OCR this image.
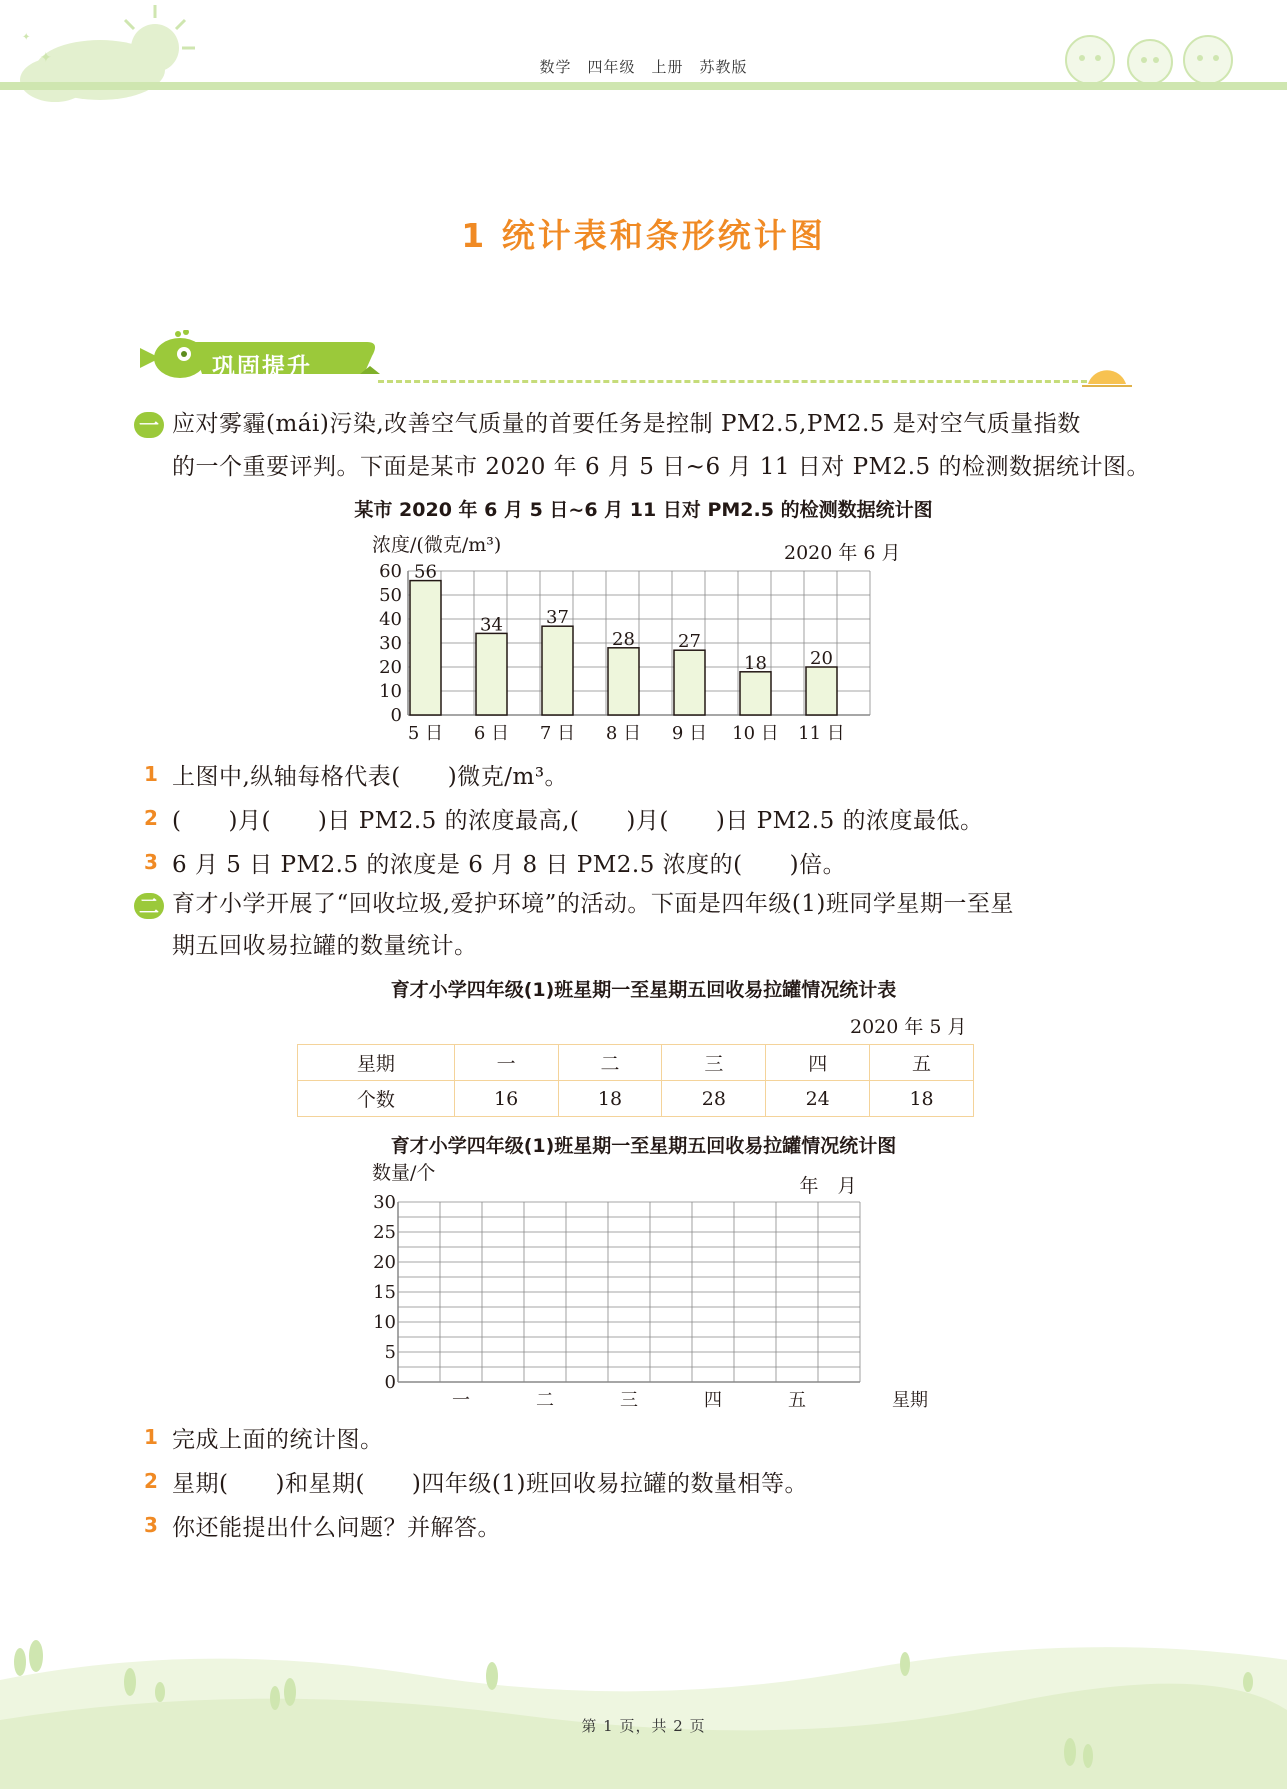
✦
✦
数学　四年级　上册　苏教版
1 统计表和条形统计图
巩固提升
一 应对雾霾(mái)污染,改善空气质量的首要任务是控制 PM2.5,PM2.5 是对空气质量指数
的一个重要评判。下面是某市 2020 年 6 月 5 日~6 月 11 日对 PM2.5 的检测数据统计图。
某市 2020 年 6 月 5 日~6 月 11 日对 PM2.5 的检测数据统计图
0
10
20
30
40
50
60
浓度/(微克/m³)	2020 年 6 月
56
5 日
34
6 日
37
7 日
28
8 日
27
9 日
18
10 日
20
11 日
1 上图中,纵轴每格代表(　　)微克/m³。
2 (　　)月(　　)日 PM2.5 的浓度最高,(　　)月(　　)日 PM2.5 的浓度最低。
3 6 月 5 日 PM2.5 的浓度是 6 月 8 日 PM2.5 浓度的(　　)倍。
二 育才小学开展了“回收垃圾,爱护环境”的活动。下面是四年级(1)班同学星期一至星
期五回收易拉罐的数量统计。
育才小学四年级(1)班星期一至星期五回收易拉罐情况统计表
2020 年 5 月
星期	一	二	三	四	五
个数	16	18	28	24	18
育才小学四年级(1)班星期一至星期五回收易拉罐情况统计图
0
5
10
15
20
25
30
数量/个
年　月
一	二	三	四	五	星期
1 完成上面的统计图。
2 星期(　　)和星期(　　)四年级(1)班回收易拉罐的数量相等。
3 你还能提出什么问题？并解答。
第 1 页，共 2 页
